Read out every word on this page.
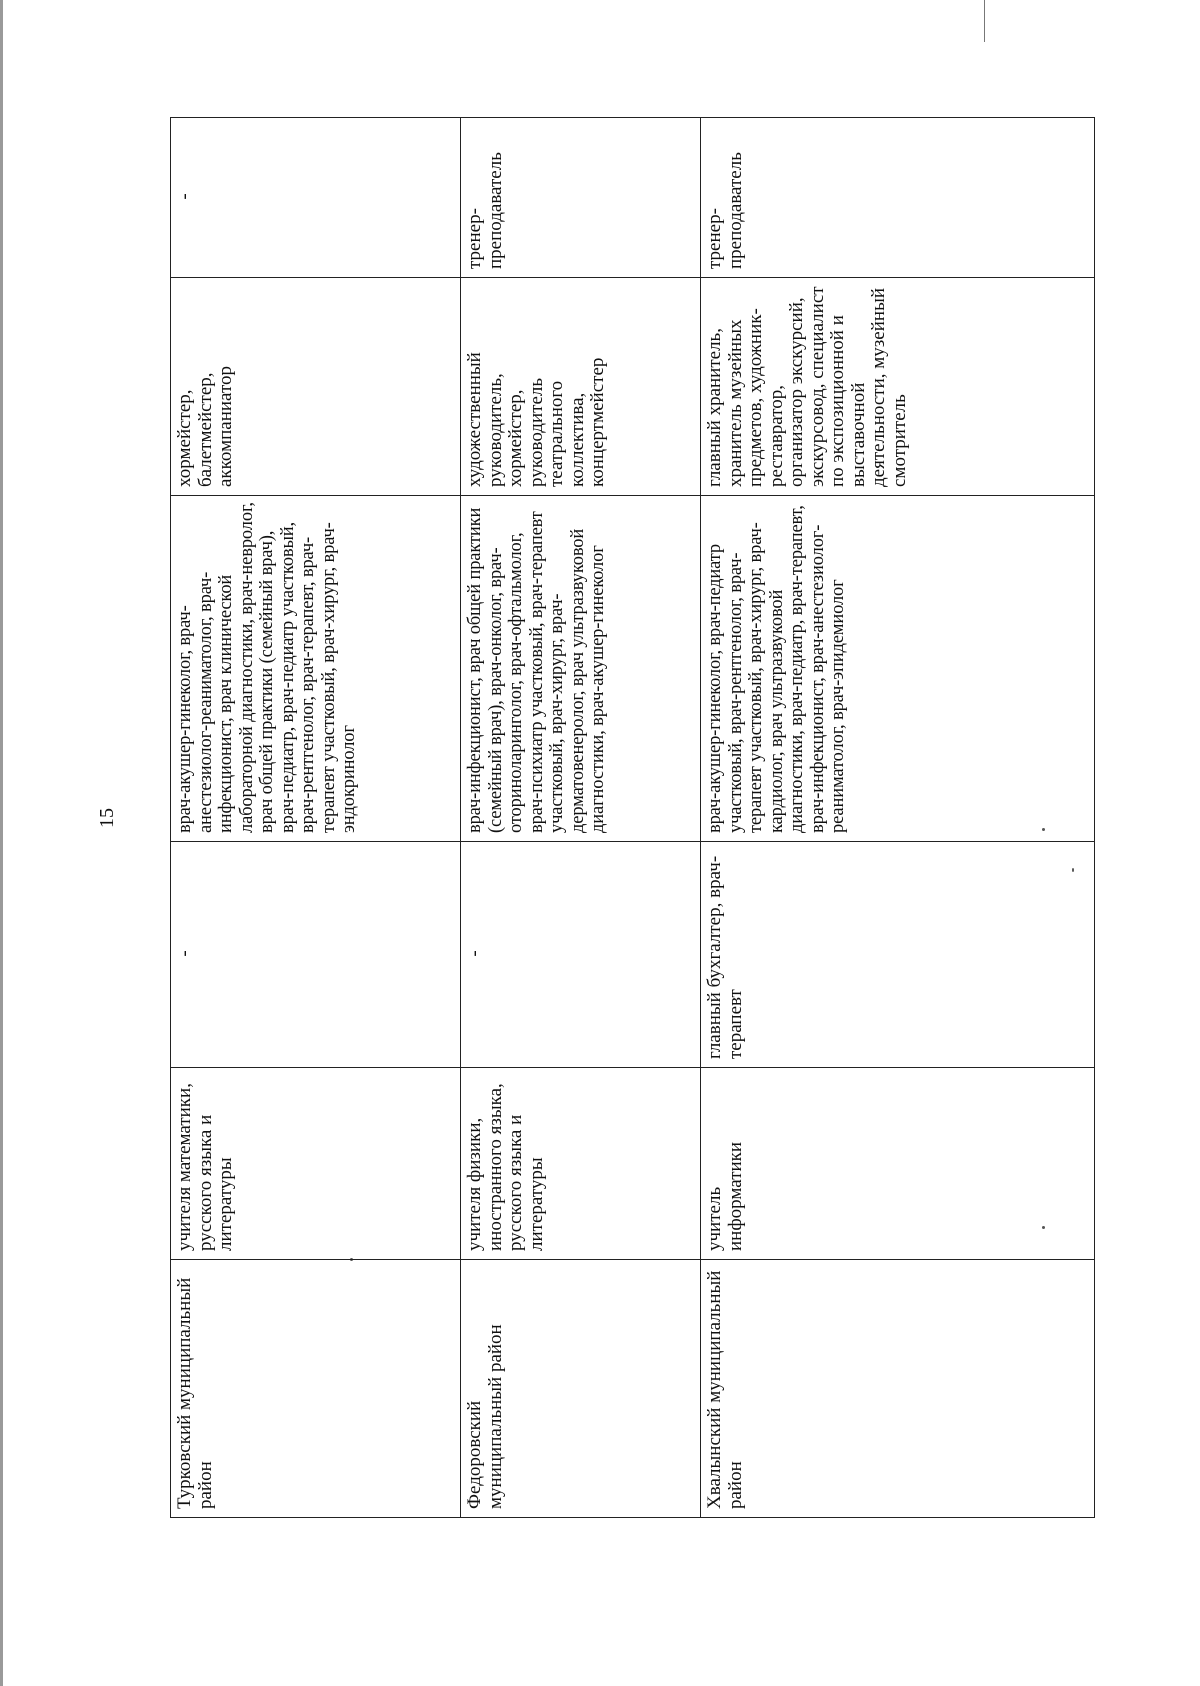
15
Турковский муниципальный район	учителя математики, русского языка и литературы	-	врач-акушер-гинеколог, врач-анестезиолог-реаниматолог, врач-инфекционист, врач клинической лабораторной диагностики, врач-невролог, врач общей практики (семейный врач), врач-педиатр, врач-педиатр участковый, врач-рентгенолог, врач-терапевт, врач-терапевт участковый, врач-хирург, врач-эндокринолог	хормейстер, балетмейстер, аккомпаниатор	-
Федоровский муниципальный район	учителя физики, иностранного языка, русского языка и литературы	-	врач-инфекционист, врач общей практики (семейный врач), врач-онколог, врач-оториноларинголог, врач-офтальмолог, врач-психиатр участковый, врач-терапевт участковый, врач-хирург, врач-дерматовенеролог, врач ультразвуковой диагностики, врач-акушер-гинеколог	художественный руководитель, хормейстер, руководитель театрального коллектива, концертмейстер	тренер-преподаватель
Хвалынский муниципальный район	учитель информатики	главный бухгалтер, врач-терапевт	врач-акушер-гинеколог, врач-педиатр участковый, врач-рентгенолог, врач-терапевт участковый, врач-хирург, врач-кардиолог, врач ультразвуковой диагностики, врач-педиатр, врач-терапевт, врач-инфекционист, врач-анестезиолог-реаниматолог, врач-эпидемиолог	главный хранитель, хранитель музейных предметов, художник-реставратор, организатор экскурсий, экскурсовод, специалист по экспозиционной и выставочной деятельности, музейный смотритель	тренер-преподаватель
